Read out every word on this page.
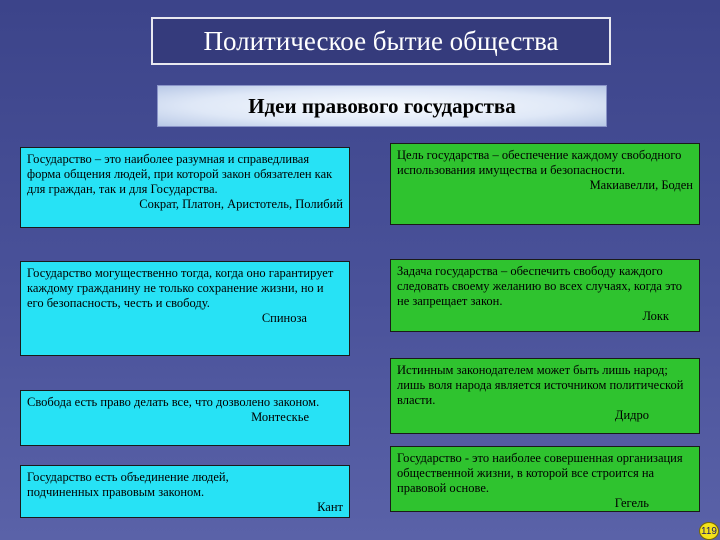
Политическое бытие общества
Идеи правового государства

Государство – это наиболее разумная и справедливая форма общения людей, при которой закон обязателен как для граждан, так и для Государства.

Сократ, Платон, Аристотель, Полибий

Цель государства – обеспечение каждому свободного использования имущества и безопасности.

Макиавелли, Боден

Государство могущественно тогда, когда оно гарантирует каждому гражданину не только сохранение жизни, но и его безопасность, честь и свободу.

Спиноза

Задача государства – обеспечить свободу каждого следовать своему желанию во всех случаях, когда это не запрещает закон.

Локк

Свобода есть право делать все, что дозволено законом.

Монтескье

Истинным законодателем может быть лишь народ; лишь воля народа является источником политической власти.

Дидро

Государство есть объединение людей, подчиненных правовым законом.

Кант

Государство - это наиболее совершенная организация общественной жизни, в которой все строится на правовой основе.

Гегель
119
